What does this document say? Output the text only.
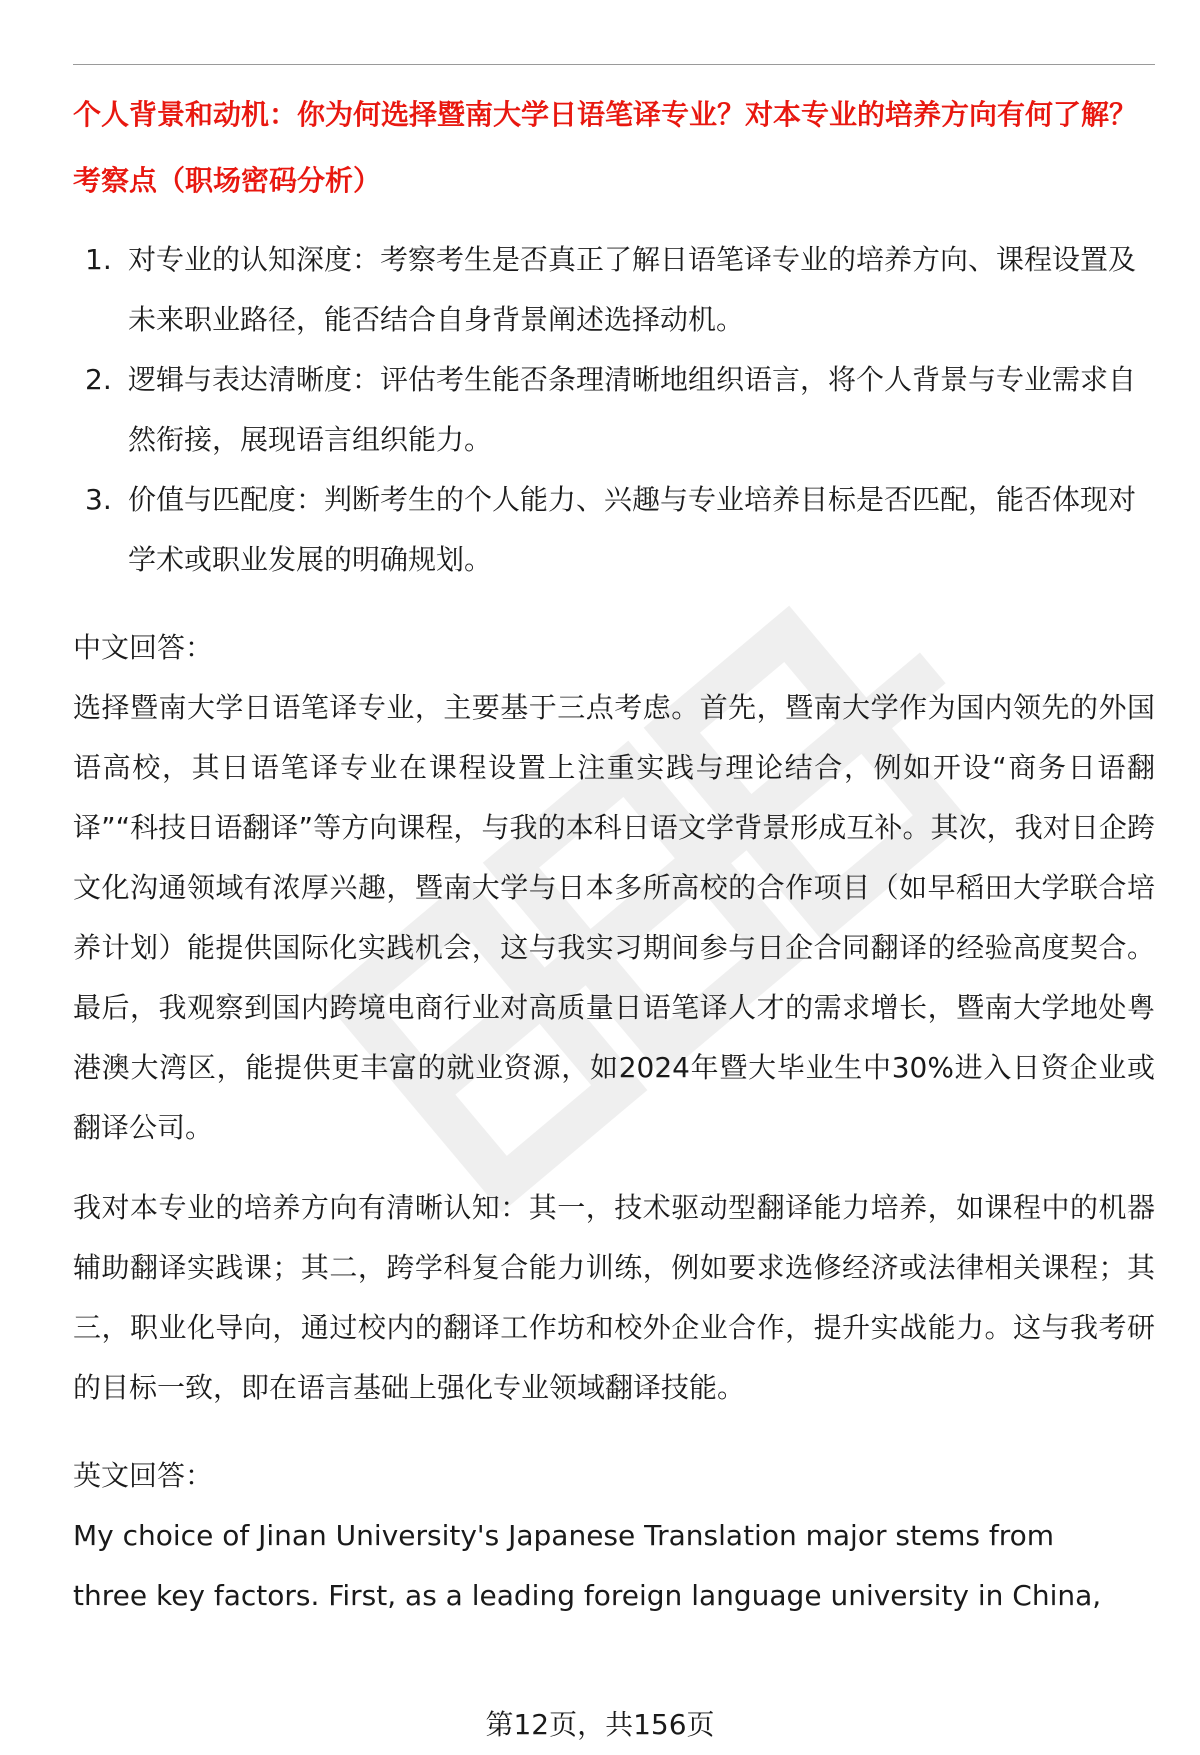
个人背景和动机：你为何选择暨南大学日语笔译专业？对本专业的培养方向有何了解？

考察点（职场密码分析）

1. 对专业的认知深度：考察考生是否真正了解日语笔译专业的培养方向、课程设置及未来职业路径，能否结合自身背景阐述选择动机。
2. 逻辑与表达清晰度：评估考生能否条理清晰地组织语言，将个人背景与专业需求自然衔接，展现语言组织能力。
3. 价值与匹配度：判断考生的个人能力、兴趣与专业培养目标是否匹配，能否体现对学术或职业发展的明确规划。

中文回答：

选择暨南大学日语笔译专业，主要基于三点考虑。首先，暨南大学作为国内领先的外国语高校，其日语笔译专业在课程设置上注重实践与理论结合，例如开设“商务日语翻译”“科技日语翻译”等方向课程，与我的本科日语文学背景形成互补。其次，我对日企跨文化沟通领域有浓厚兴趣，暨南大学与日本多所高校的合作项目（如早稻田大学联合培养计划）能提供国际化实践机会，这与我实习期间参与日企合同翻译的经验高度契合。最后，我观察到国内跨境电商行业对高质量日语笔译人才的需求增长，暨南大学地处粤港澳大湾区，能提供更丰富的就业资源，如2024年暨大毕业生中30%进入日资企业或翻译公司。

我对本专业的培养方向有清晰认知：其一，技术驱动型翻译能力培养，如课程中的机器辅助翻译实践课；其二，跨学科复合能力训练，例如要求选修经济或法律相关课程；其三，职业化导向，通过校内的翻译工作坊和校外企业合作，提升实战能力。这与我考研的目标一致，即在语言基础上强化专业领域翻译技能。

英文回答：

My choice of Jinan University's Japanese Translation major stems from

three key factors. First, as a leading foreign language university in China,

第12页，共156页
